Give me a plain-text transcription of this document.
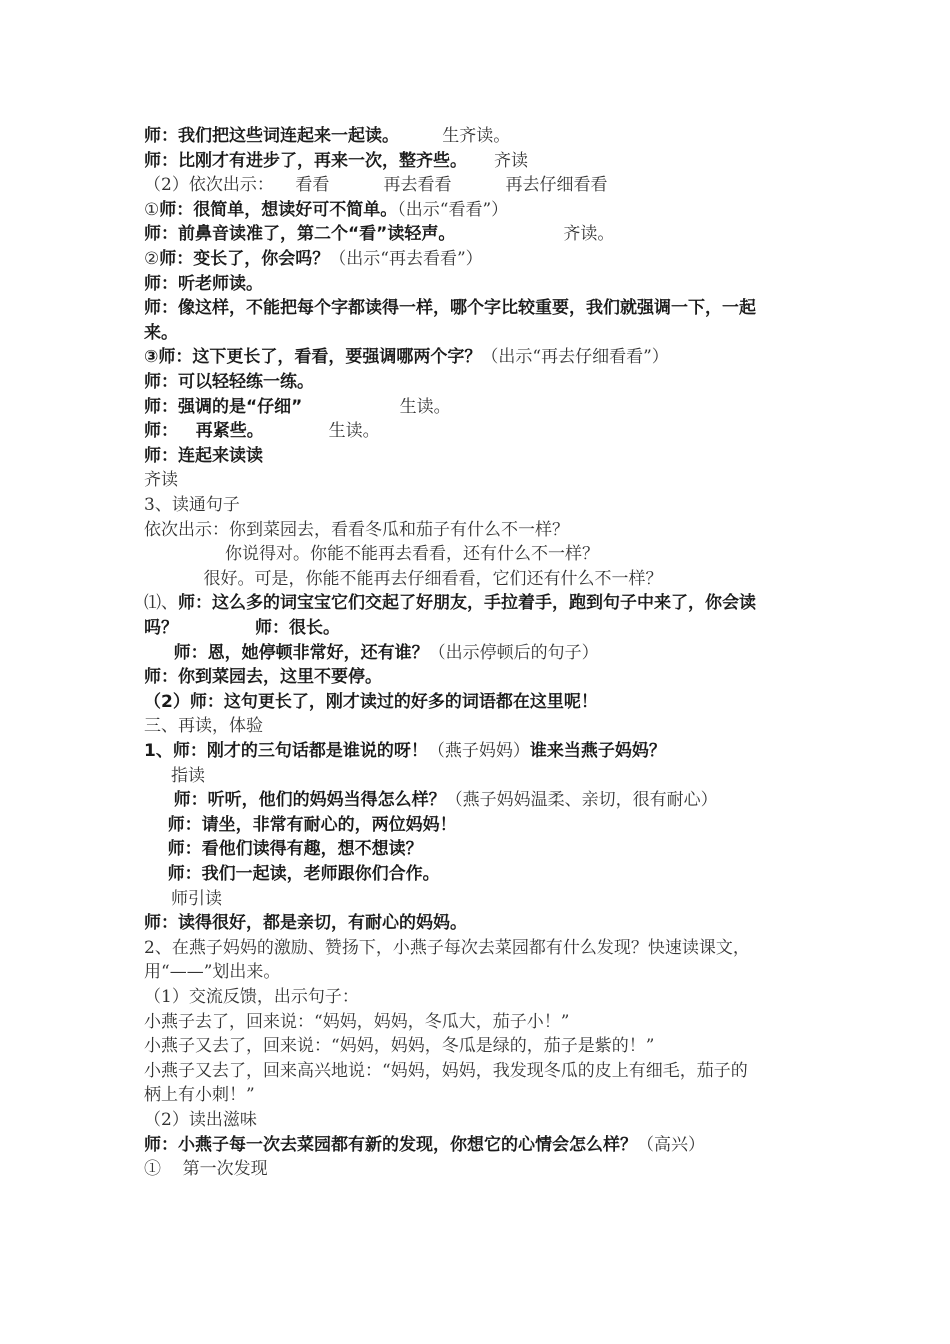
师：我们把这些词连起来一起读。        生齐读。
师：比刚才有进步了，再来一次，整齐些。     齐读
（2）依次出示：    看看          再去看看          再去仔细看看
①师：很简单，想读好可不简单。（出示“看看”）
师：前鼻音读准了，第二个“看”读轻声。                    齐读。
②师：变长了，你会吗？（出示“再去看看”）
师：听老师读。
师：像这样，不能把每个字都读得一样，哪个字比较重要，我们就强调一下，一起
来。
③师：这下更长了，看看，要强调哪两个字？（出示“再去仔细看看”）
师：可以轻轻练一练。
师：强调的是“仔细”                  生读。
师：   再紧些。            生读。
师：连起来读读
齐读
3、读通句子
依次出示：你到菜园去，看看冬瓜和茄子有什么不一样？
你说得对。你能不能再去看看，还有什么不一样？
很好。可是，你能不能再去仔细看看，它们还有什么不一样？
⑴、师：这么多的词宝宝它们交起了好朋友，手拉着手，跑到句子中来了，你会读
吗？             师：很长。
师：恩，她停顿非常好，还有谁？（出示停顿后的句子）
师：你到菜园去，这里不要停。
（2）师：这句更长了，刚才读过的好多的词语都在这里呢！
三、再读，体验
1、师：刚才的三句话都是谁说的呀！（燕子妈妈）谁来当燕子妈妈？
指读
师：听听，他们的妈妈当得怎么样？（燕子妈妈温柔、亲切，很有耐心）
师：请坐，非常有耐心的，两位妈妈！
师：看他们读得有趣，想不想读？
师：我们一起读，老师跟你们合作。
师引读
师：读得很好，都是亲切，有耐心的妈妈。
2、在燕子妈妈的激励、赞扬下，小燕子每次去菜园都有什么发现？快速读课文，
用“——”划出来。
（1）交流反馈，出示句子：
小燕子去了，回来说：“妈妈，妈妈，冬瓜大，茄子小！”
小燕子又去了，回来说：“妈妈，妈妈，冬瓜是绿的，茄子是紫的！”
小燕子又去了，回来高兴地说：“妈妈，妈妈，我发现冬瓜的皮上有细毛，茄子的
柄上有小刺！”
（2）读出滋味
师：小燕子每一次去菜园都有新的发现，你想它的心情会怎么样？（高兴）
①    第一次发现
